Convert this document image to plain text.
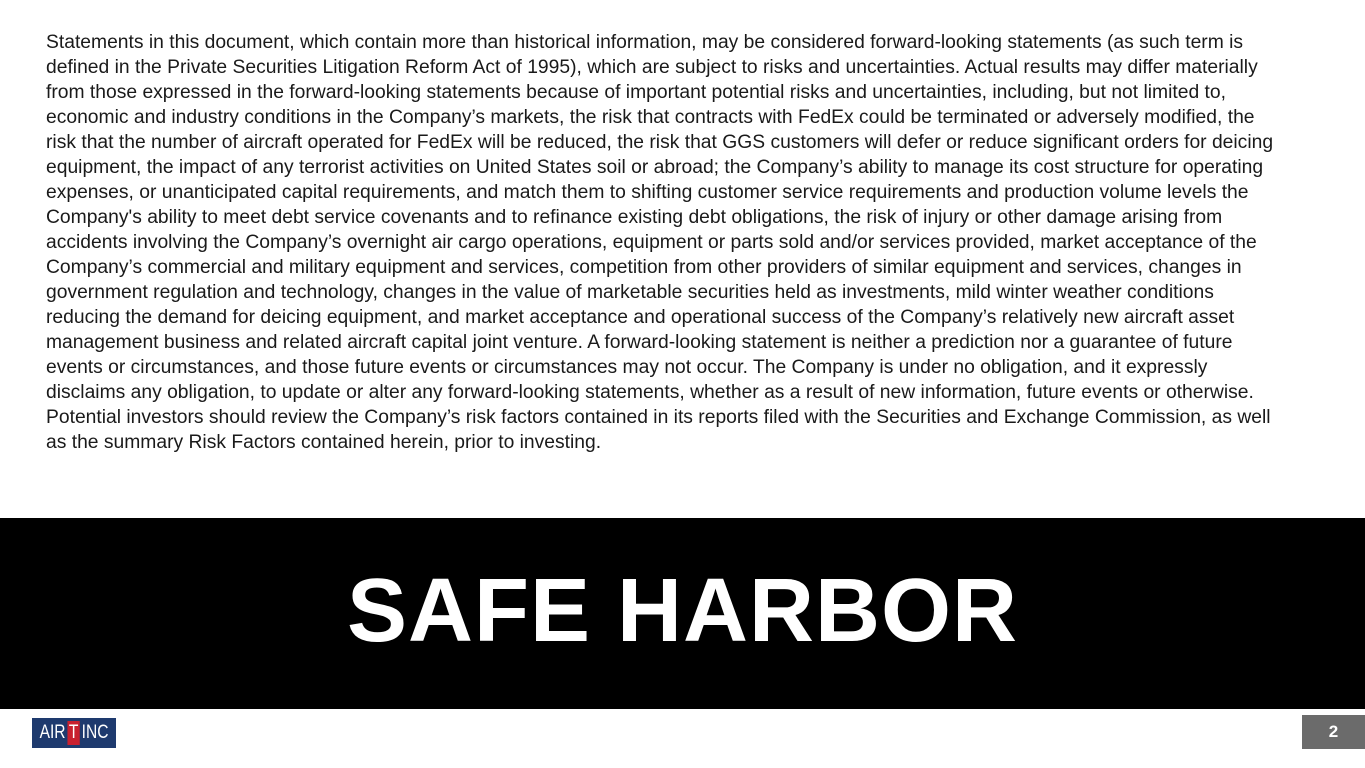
Statements in this document, which contain more than historical information, may be considered forward-looking statements (as such term is defined in the Private Securities Litigation Reform Act of 1995), which are subject to risks and uncertainties. Actual results may differ materially from those expressed in the forward-looking statements because of important potential risks and uncertainties, including, but not limited to, economic and industry conditions in the Company’s markets, the risk that contracts with FedEx could be terminated or adversely modified, the risk that the number of aircraft operated for FedEx will be reduced, the risk that GGS customers will defer or reduce significant orders for deicing equipment, the impact of any terrorist activities on United States soil or abroad; the Company’s ability to manage its cost structure for operating expenses, or unanticipated capital requirements, and match them to shifting customer service requirements and production volume levels the Company's ability to meet debt service covenants and to refinance existing debt obligations, the risk of injury or other damage arising from accidents involving the Company’s overnight air cargo operations, equipment or parts sold and/or services provided, market acceptance of the Company’s commercial and military equipment and services, competition from other providers of similar equipment and services, changes in government regulation and technology, changes in the value of marketable securities held as investments, mild winter weather conditions reducing the demand for deicing equipment, and market acceptance and operational success of the Company’s relatively new aircraft asset management business and related aircraft capital joint venture. A forward-looking statement is neither a prediction nor a guarantee of future events or circumstances, and those future events or circumstances may not occur. The Company is under no obligation, and it expressly disclaims any obligation, to update or alter any forward-looking statements, whether as a result of new information, future events or otherwise. Potential investors should review the Company’s risk factors contained in its reports filed with the Securities and Exchange Commission, as well as the summary Risk Factors contained herein, prior to investing.

SAFE HARBOR
AIR T INC	2
